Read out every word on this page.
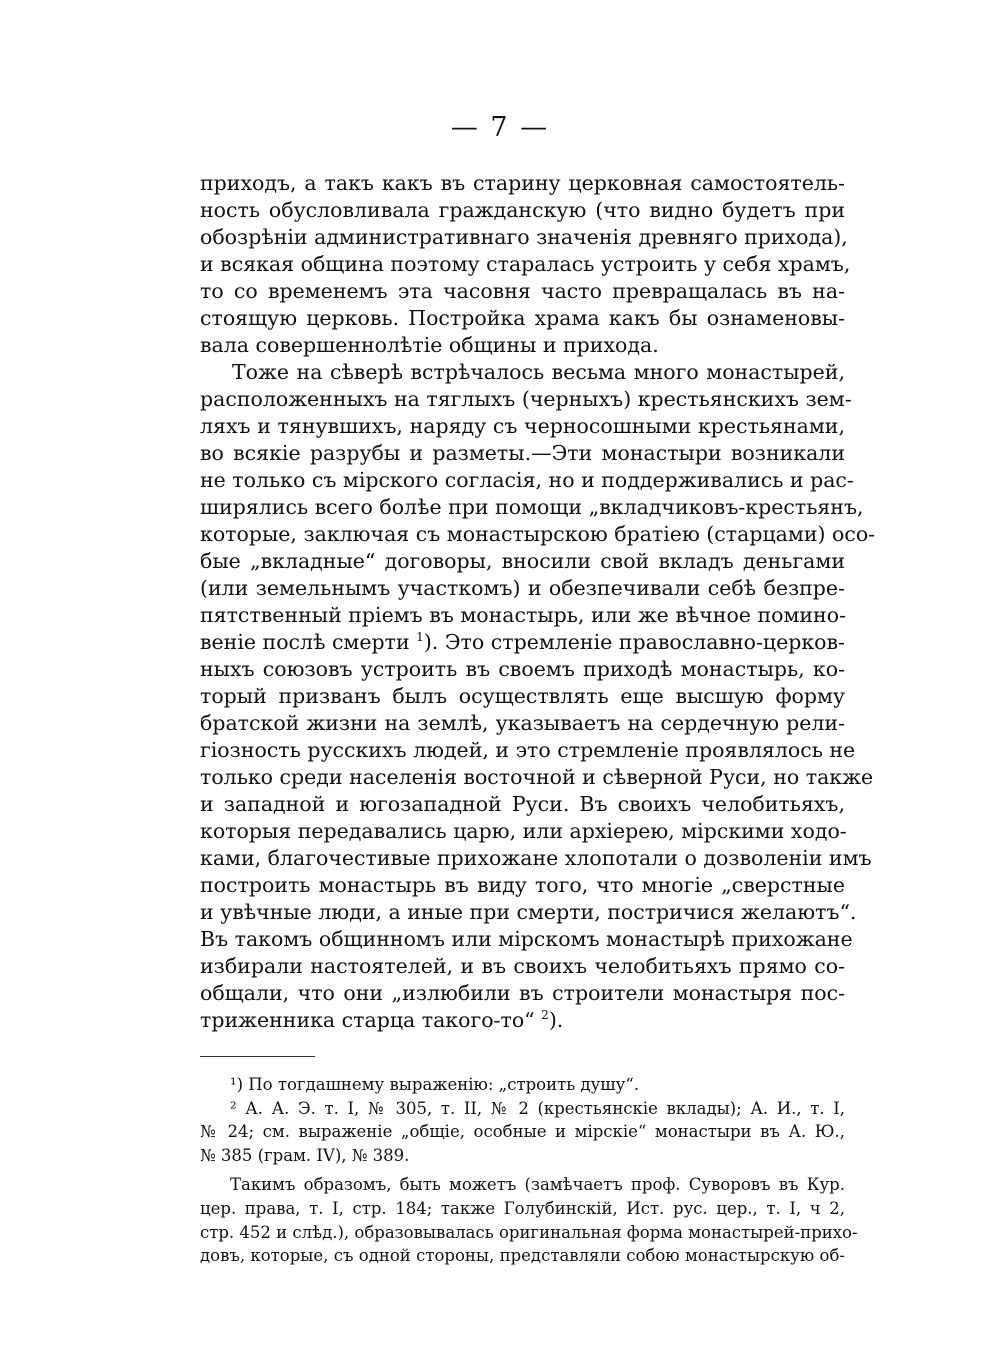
— 7 —
приходъ, а такъ какъ въ старину церковная самостоятель-
ность обусловливала гражданскую (что видно будетъ при
обозрѣніи административнаго значенія древняго прихода),
и всякая община поэтому старалась устроить у себя храмъ,
то со временемъ эта часовня часто превращалась въ на-
стоящую церковь. Постройка храма какъ бы ознаменовы-
вала совершеннолѣтіе общины и прихода.
Тоже на сѣверѣ встрѣчалось весьма много монастырей,
расположенныхъ на тяглыхъ (черныхъ) крестьянскихъ зем-
ляхъ и тянувшихъ, наряду съ черносошными крестьянами,
во всякіе разрубы и разметы.—Эти монастыри возникали
не только съ мірского согласія, но и поддерживались и рас-
ширялись всего болѣе при помощи „вкладчиковъ-крестьянъ,
которые, заключая съ монастырскою братіею (старцами) осо-
бые „вкладные“ договоры, вносили свой вкладъ деньгами
(или земельнымъ участкомъ) и обезпечивали себѣ безпре-
пятственный пріемъ въ монастырь, или же вѣчное помино-
веніе послѣ смерти $^1$). Это стремленіе православно-церков-
ныхъ союзовъ устроить въ своемъ приходѣ монастырь, ко-
торый призванъ былъ осуществлять еще высшую форму
братской жизни на землѣ, указываетъ на сердечную рели-
гіозность русскихъ людей, и это стремленіе проявлялось не
только среди населенія восточной и сѣверной Руси, но также
и западной и югозападной Руси. Въ своихъ челобитьяхъ,
которыя передавались царю, или архіерею, мірскими ходо-
ками, благочестивые прихожане хлопотали о дозволеніи имъ
построить монастырь въ виду того, что многіе „сверстные
и увѣчные люди, а иные при смерти, постричися желаютъ“.
Въ такомъ общинномъ или мірскомъ монастырѣ прихожане
избирали настоятелей, и въ своихъ челобитьяхъ прямо со-
общали, что они „излюбили въ строители монастыря пос-
триженника старца такого-то“ $^2$).
¹) По тогдашнему выраженію: „строить душу“.
² А. А. Э. т. I, № 305, т. II, № 2 (крестьянскіе вклады); А. И., т. I,
№ 24; см. выраженіе „общіе, особные и мірскіе“ монастыри въ А. Ю.,
№ 385 (грам. IV), № 389.
Такимъ образомъ, быть можетъ (замѣчаетъ проф. Суворовъ въ Кур.
цер. права, т. I, стр. 184; также Голубинскій, Ист. рус. цер., т. I, ч 2,
стр. 452 и слѣд.), образовывалась оригинальная форма монастырей-прихо-
довъ, которые, съ одной стороны, представляли собою монастырскую об-
